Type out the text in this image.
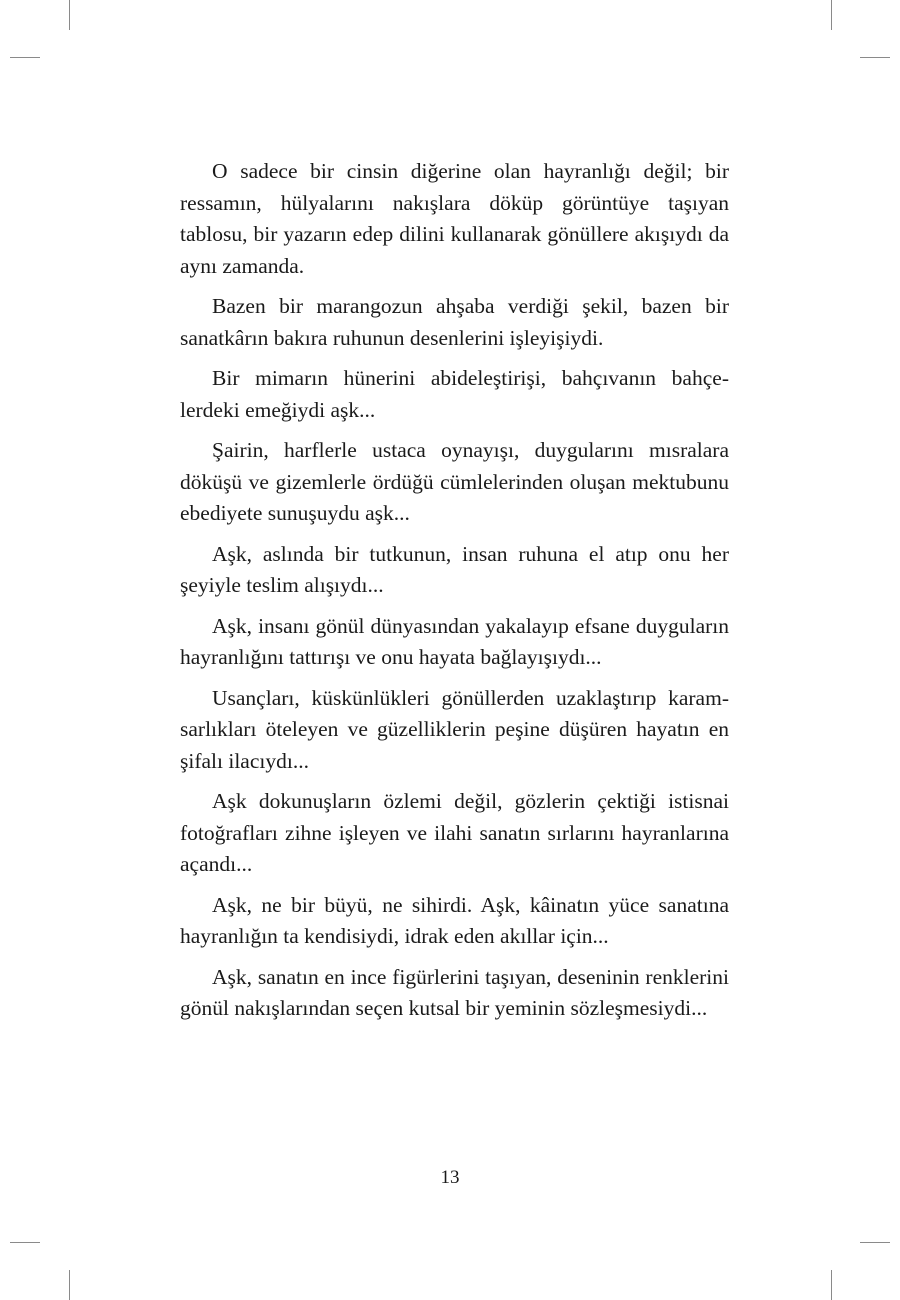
O sadece bir cinsin diğerine olan hayranlığı değil; bir ressamın, hülyalarını nakışlara döküp görüntüye taşıyan tablosu, bir yazarın edep dilini kullanarak gönüllere akışıydı da aynı zamanda.

Bazen bir marangozun ahşaba verdiği şekil, bazen bir sanatkârın bakıra ruhunun desenlerini işleyişiydi.

Bir mimarın hünerini abideleştirişi, bahçıvanın bahçelerdeki emeğiydi aşk...

Şairin, harflerle ustaca oynayışı, duygularını mısralara döküşü ve gizemlerle ördüğü cümlelerinden oluşan mektubunu ebediyete sunuşuydu aşk...

Aşk, aslında bir tutkunun, insan ruhuna el atıp onu her şeyiyle teslim alışıydı...

Aşk, insanı gönül dünyasından yakalayıp efsane duyguların hayranlığını tattırışı ve onu hayata bağlayışıydı...

Usançları, küskünlükleri gönüllerden uzaklaştırıp karamsarlıkları öteleyen ve güzelliklerin peşine düşüren hayatın en şifalı ilacıydı...

Aşk dokunuşların özlemi değil, gözlerin çektiği istisnai fotoğrafları zihne işleyen ve ilahi sanatın sırlarını hayranlarına açandı...

Aşk, ne bir büyü, ne sihirdi. Aşk, kâinatın yüce sanatına hayranlığın ta kendisiydi, idrak eden akıllar için...

Aşk, sanatın en ince figürlerini taşıyan, deseninin renklerini gönül nakışlarından seçen kutsal bir yeminin sözleşmesiydi...

13
